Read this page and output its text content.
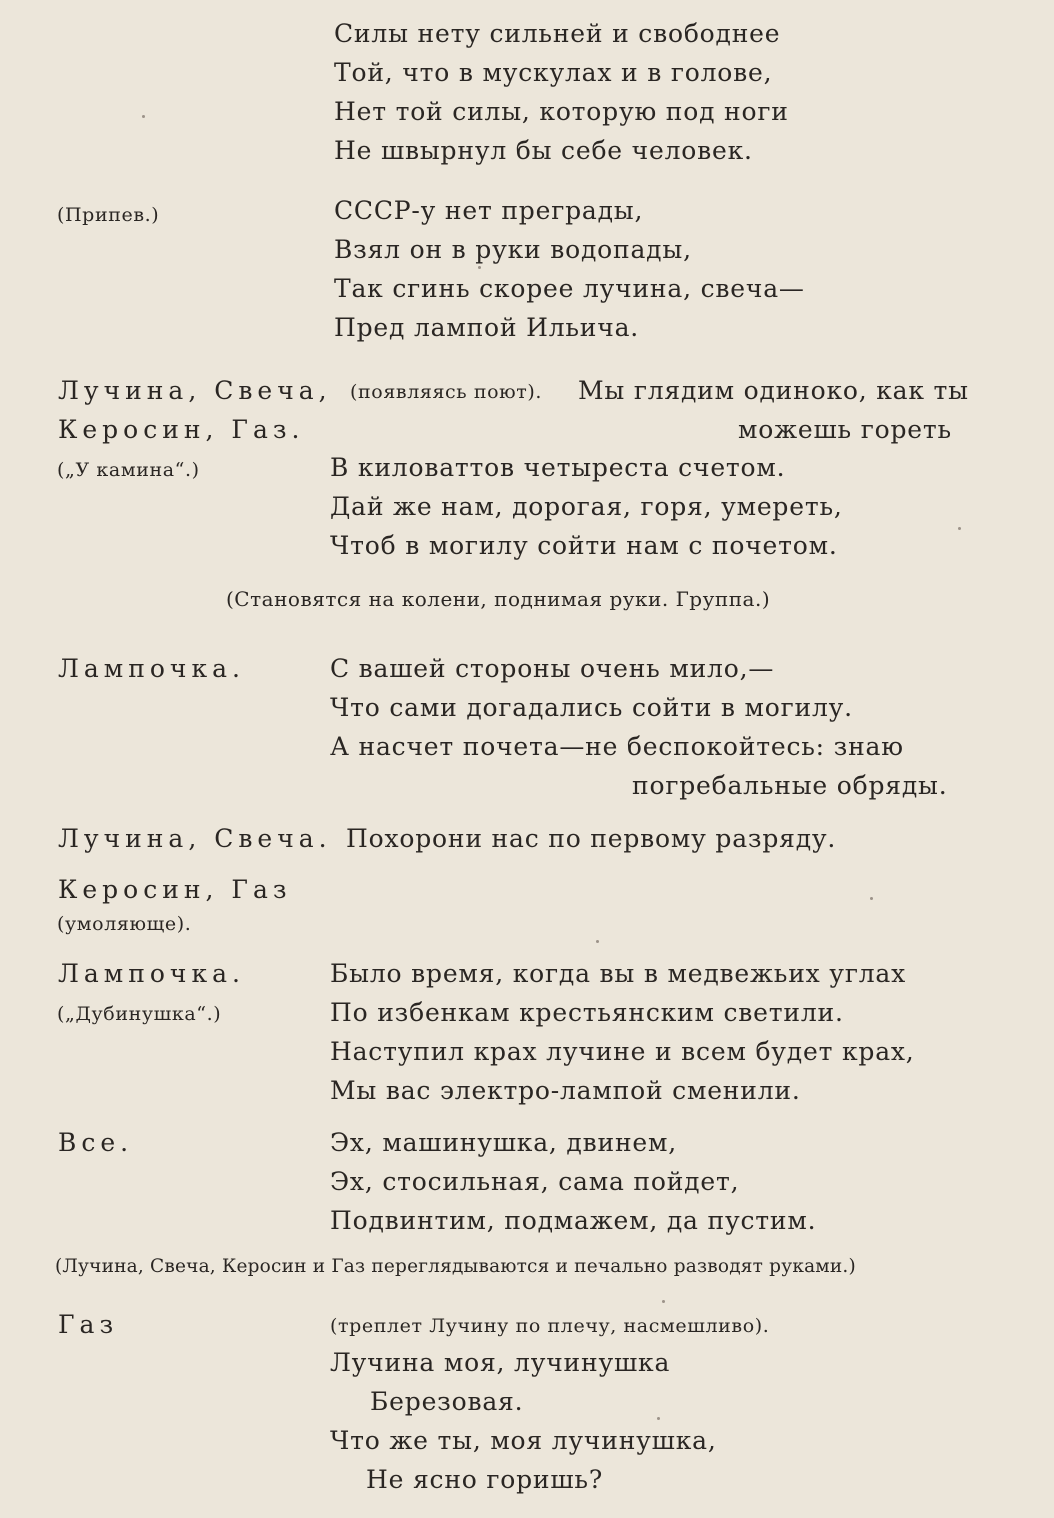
Силы нету сильней и свободнее
Той, что в мускулах и в голове,
Нет той силы, которую под ноги
Не швырнул бы себе человек.
(Припев.)	СССР-у нет преграды,
Взял он в руки водопады,
Так сгинь скорее лучина, свеча—
Пред лампой Ильича.
Лучина, Свеча, (появляясь поют). Мы глядим одиноко, как ты
Керосин, Газ.	можешь гореть
(„У камина“.)	В киловаттов четыреста счетом.
Дай же нам, дорогая, горя, умереть,
Чтоб в могилу сойти нам с почетом.
(Становятся на колени, поднимая руки. Группа.)
Лампочка.	С вашей стороны очень мило,—
Что сами догадались сойти в могилу.
А насчет почета—не беспокойтесь: знаю
погребальные обряды.
Лучина, Свеча. Похорони нас по первому разряду.
Керосин, Газ
(умоляюще).
Лампочка.
(„Дубинушка“.)
Было время, когда вы в медвежьих углах
По избенкам крестьянским светили.
Наступил крах лучине и всем будет крах,
Мы вас электро-лампой сменили.
Все.	Эх, машинушка, двинем,
Эх, стосильная, сама пойдет,
Подвинтим, подмажем, да пустим.
(Лучина, Свеча, Керосин и Газ переглядываются и печально разводят руками.)
Газ	(треплет Лучину по плечу, насмешливо).
Лучина моя, лучинушка
Березовая.
Что же ты, моя лучинушка,
Не ясно горишь?
